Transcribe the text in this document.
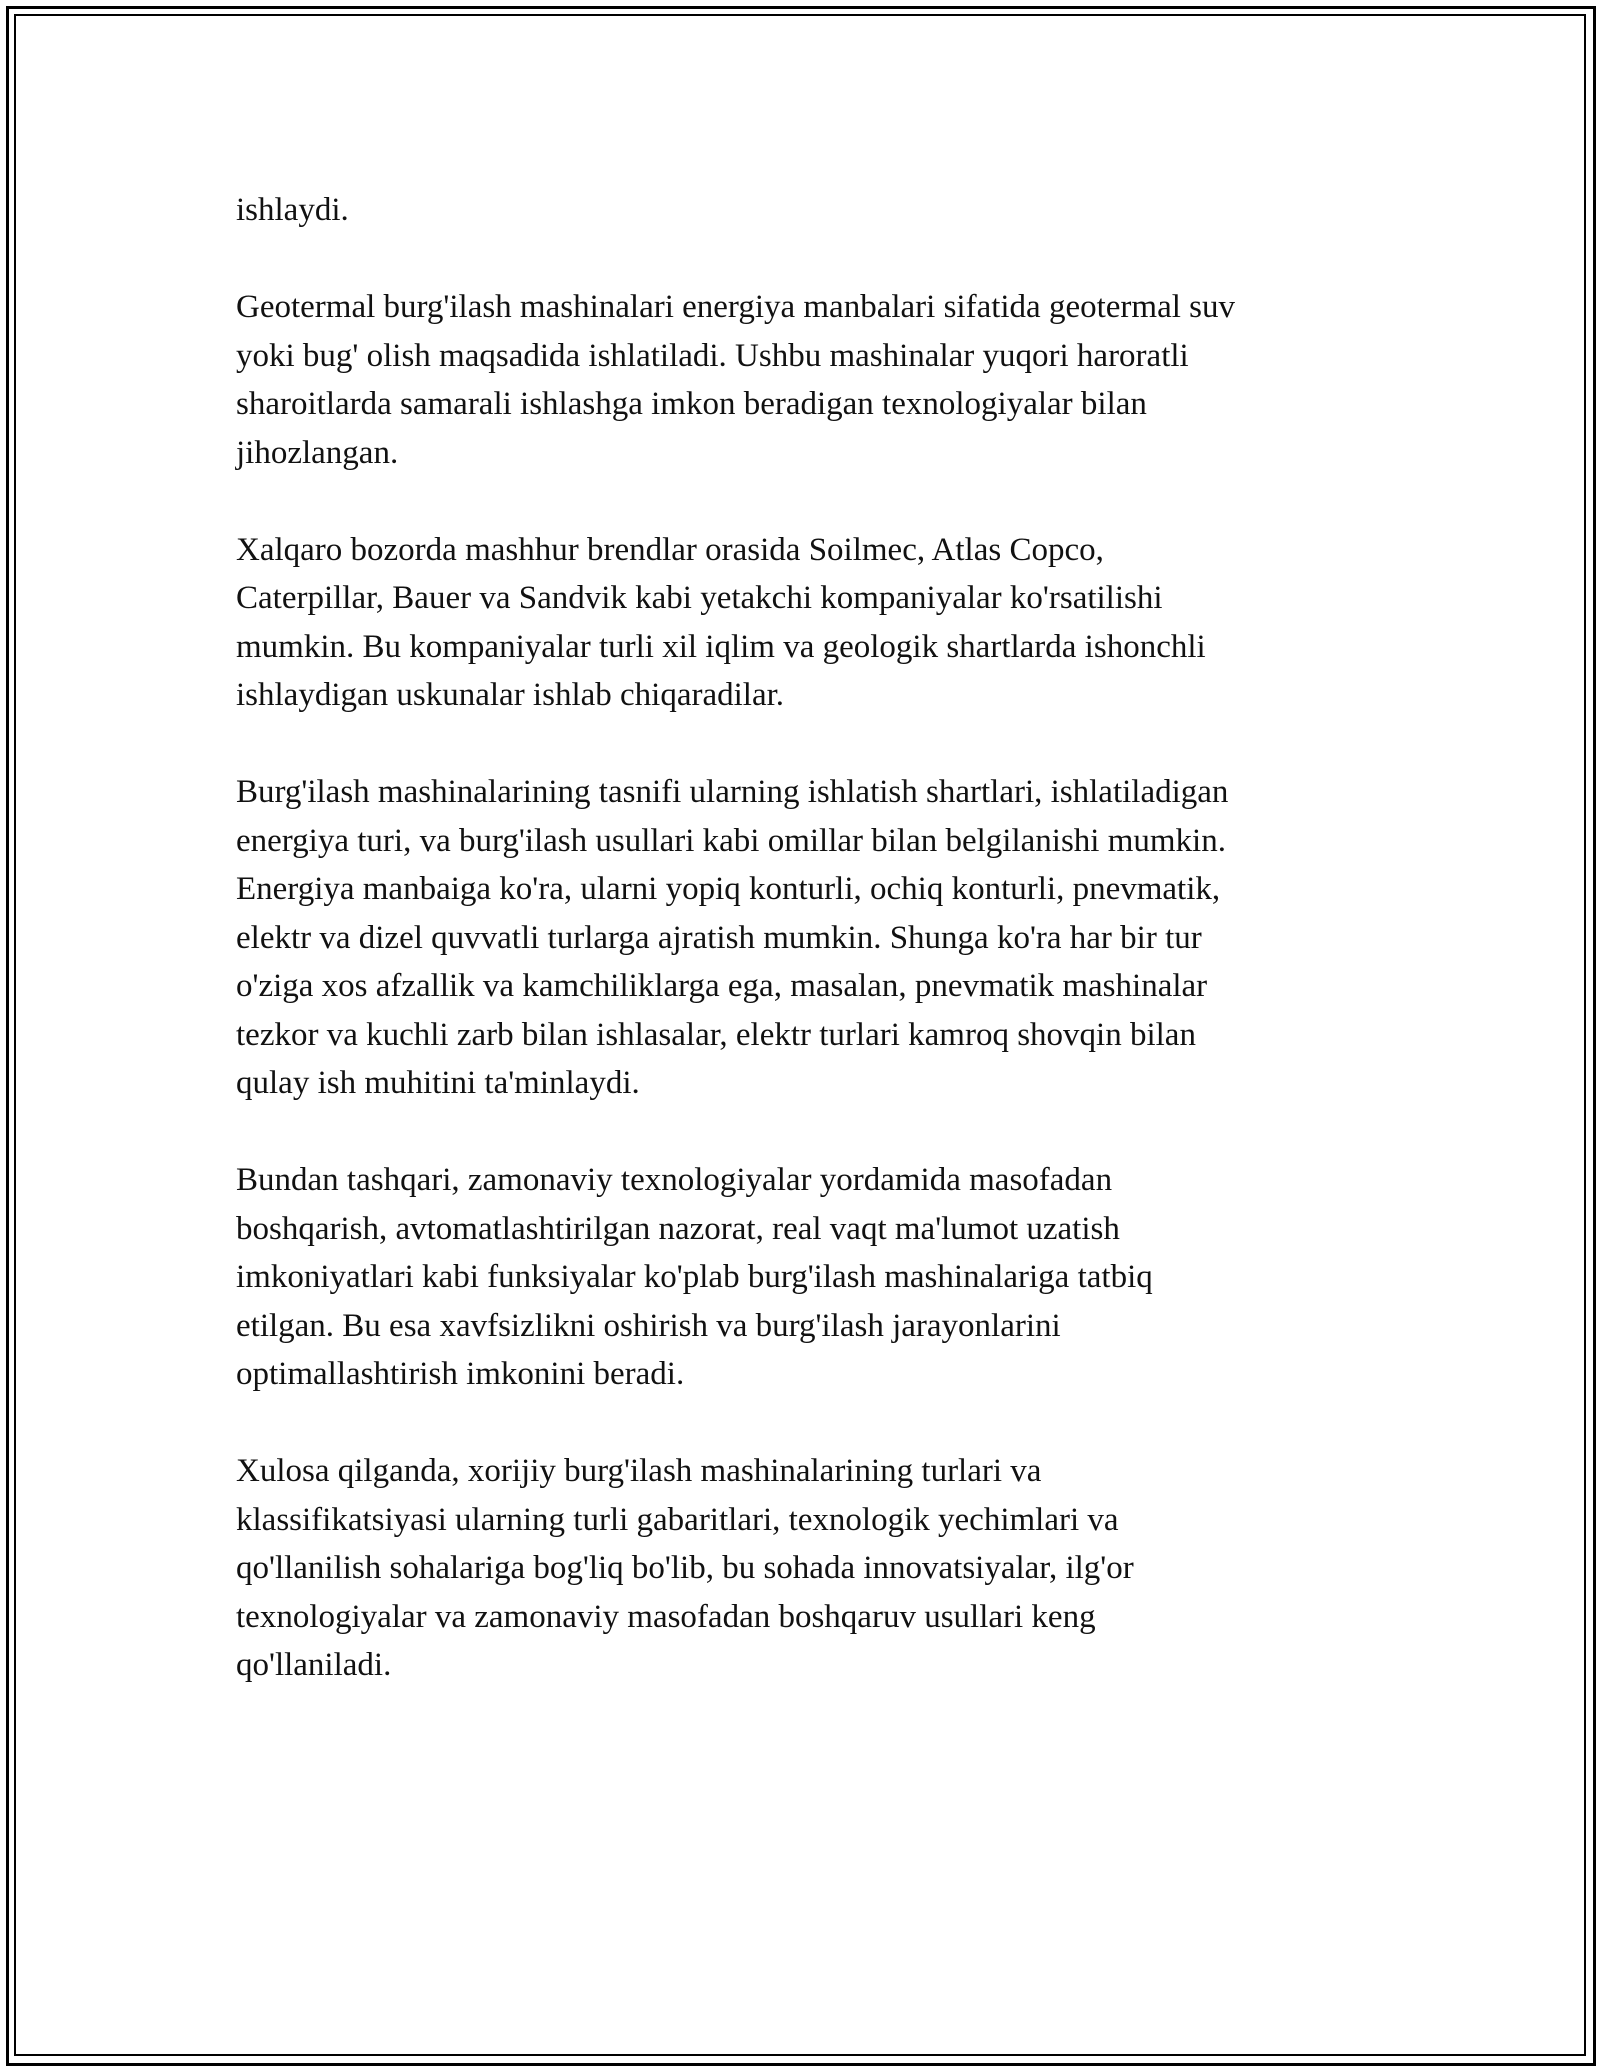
ishlaydi.

Geotermal burg'ilash mashinalari energiya manbalari sifatida geotermal suv
yoki bug' olish maqsadida ishlatiladi. Ushbu mashinalar yuqori haroratli
sharoitlarda samarali ishlashga imkon beradigan texnologiyalar bilan
jihozlangan.

Xalqaro bozorda mashhur brendlar orasida Soilmec, Atlas Copco,
Caterpillar, Bauer va Sandvik kabi yetakchi kompaniyalar ko'rsatilishi
mumkin. Bu kompaniyalar turli xil iqlim va geologik shartlarda ishonchli
ishlaydigan uskunalar ishlab chiqaradilar.

Burg'ilash mashinalarining tasnifi ularning ishlatish shartlari, ishlatiladigan
energiya turi, va burg'ilash usullari kabi omillar bilan belgilanishi mumkin.
Energiya manbaiga ko'ra, ularni yopiq konturli, ochiq konturli, pnevmatik,
elektr va dizel quvvatli turlarga ajratish mumkin. Shunga ko'ra har bir tur
o'ziga xos afzallik va kamchiliklarga ega, masalan, pnevmatik mashinalar
tezkor va kuchli zarb bilan ishlasalar, elektr turlari kamroq shovqin bilan
qulay ish muhitini ta'minlaydi.

Bundan tashqari, zamonaviy texnologiyalar yordamida masofadan
boshqarish, avtomatlashtirilgan nazorat, real vaqt ma'lumot uzatish
imkoniyatlari kabi funksiyalar ko'plab burg'ilash mashinalariga tatbiq
etilgan. Bu esa xavfsizlikni oshirish va burg'ilash jarayonlarini
optimallashtirish imkonini beradi.

Xulosa qilganda, xorijiy burg'ilash mashinalarining turlari va
klassifikatsiyasi ularning turli gabaritlari, texnologik yechimlari va
qo'llanilish sohalariga bog'liq bo'lib, bu sohada innovatsiyalar, ilg'or
texnologiyalar va zamonaviy masofadan boshqaruv usullari keng
qo'llaniladi.
